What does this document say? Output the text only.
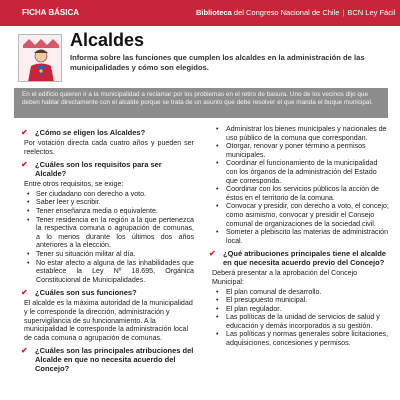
FICHA BÁSICA	Biblioteca del Congreso Nacional de Chile | BCN Ley Fácil
Alcaldes
Informa sobre las funciones que cumplen los alcaldes en la administración de las municipalidades y cómo son elegidos.
En el edificio quieren ir a la municipalidad a reclamar por los problemas en el retiro de basura. Uno de los vecinos dijo que deben hablar directamente con el alcalde porque se trata de un asunto que debe resolver el que manda el buque municipal.
✔ ¿Cómo se eligen los Alcaldes?
Por votación directa cada cuatro años y pueden ser reelectos.
✔ ¿Cuáles son los requisitos para ser Alcalde?
Entre otros requisitos, se exige:
• Ser ciudadano con derecho a voto.
• Saber leer y escribir.
• Tener enseñanza media o equivalente.
• Tener residencia en la región a la que pertenezca la respectiva comuna o agrupación de comunas, a lo menos durante los últimos dos años anteriores a la elección.
• Tener su situación militar al día.
• No estar afecto a alguna de las inhabilidades que establece la Ley Nº 18.695, Orgánica Constitucional de Municipalidades.
✔ ¿Cuáles son sus funciones?
El alcalde es la máxima autoridad de la municipalidad y le corresponde la dirección, administración y supervigilancia de su funcionamiento. A la municipalidad le corresponde la administración local de cada comuna o agrupación de comunas.
✔ ¿Cuáles son las principales atribuciones del Alcalde en que no necesita acuerdo del Concejo?
• Administrar los bienes municipales y nacionales de uso público de la comuna que correspondan.
• Otorgar, renovar y poner término a permisos municipales.
• Coordinar el funcionamiento de la municipalidad con los órganos de la administración del Estado que corresponda.
• Coordinar con los servicios públicos la acción de éstos en el territorio de la comuna.
• Convocar y presidir, con derecho a voto, el concejo; como asimismo, convocar y presidir el Consejo comunal de organizaciones de la sociedad civil.
• Someter a plebiscito las materias de administración local.
✔ ¿Qué atribuciones principales tiene el alcalde en que necesita acuerdo previo del Concejo?
Deberá presentar a la aprobación del Concejo Municipal:
• El plan comunal de desarrollo.
• El presupuesto municipal.
• El plan regulador.
• Las políticas de la unidad de servicios de salud y educación y demás incorporados a su gestión.
• Las políticas y normas generales sobre licitaciones, adquisiciones, concesiones y permisos.
